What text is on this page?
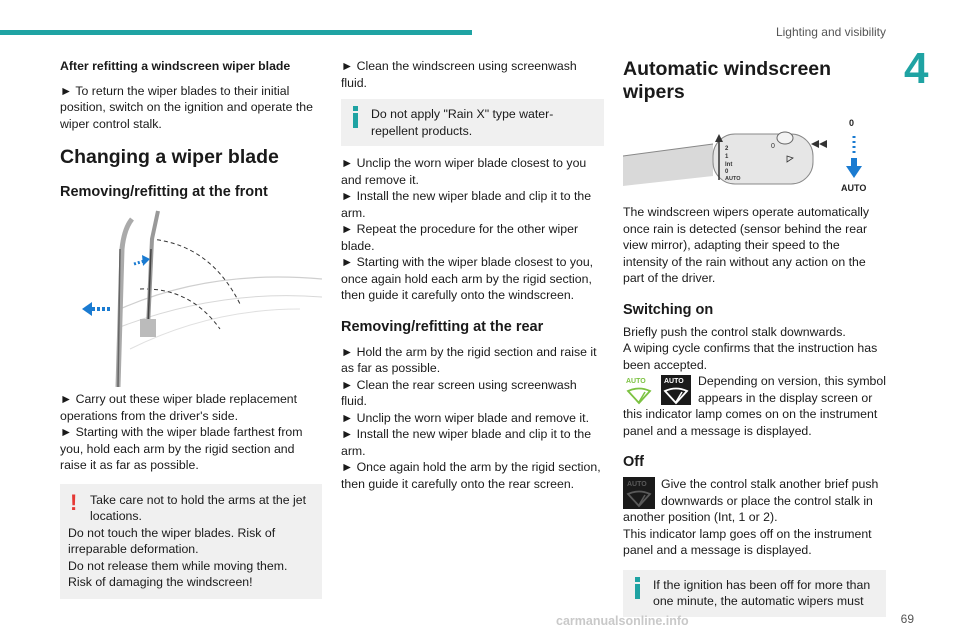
Lighting and visibility
4

After refitting a windscreen wiper blade

► To return the wiper blades to their initial position, switch on the ignition and operate the wiper control stalk.

Changing a wiper blade

Removing/refitting at the front

► Carry out these wiper blade replacement operations from the driver's side.

► Starting with the wiper blade farthest from you, hold each arm by the rigid section and raise it as far as possible.

!	Take care not to hold the arms at the jet locations.

Do not touch the wiper blades. Risk of irreparable deformation.

Do not release them while moving them. Risk of damaging the windscreen!

► Clean the windscreen using screenwash fluid.

Do not apply "Rain X" type water-repellent products.

► Unclip the worn wiper blade closest to you and remove it.

► Install the new wiper blade and clip it to the arm.

► Repeat the procedure for the other wiper blade.

► Starting with the wiper blade closest to you, once again hold each arm by the rigid section, then guide it carefully onto the windscreen.

Removing/refitting at the rear

► Hold the arm by the rigid section and raise it as far as possible.

► Clean the rear screen using screenwash fluid.

► Unclip the worn wiper blade and remove it.

► Install the new wiper blade and clip it to the arm.

► Once again hold the arm by the rigid section, then guide it carefully onto the rear screen.

Automatic windscreen wipers

2
1
Int
0
AUTO
0
0
AUTO

The windscreen wipers operate automatically once rain is detected (sensor behind the rear view mirror), adapting their speed to the intensity of the rain without any action on the part of the driver.

Switching on

Briefly push the control stalk downwards.

A wiping cycle confirms that the instruction has been accepted.

AUTO	AUTO	Depending on version, this symbol appears in the display screen or this indicator lamp comes on on the instrument panel and a message is displayed.

Off

AUTO	Give the control stalk another brief push downwards or place the control stalk in another position (Int, 1 or 2).

This indicator lamp goes off on the instrument panel and a message is displayed.

If the ignition has been off for more than one minute, the automatic wipers must

carmanualsonline.info	69
